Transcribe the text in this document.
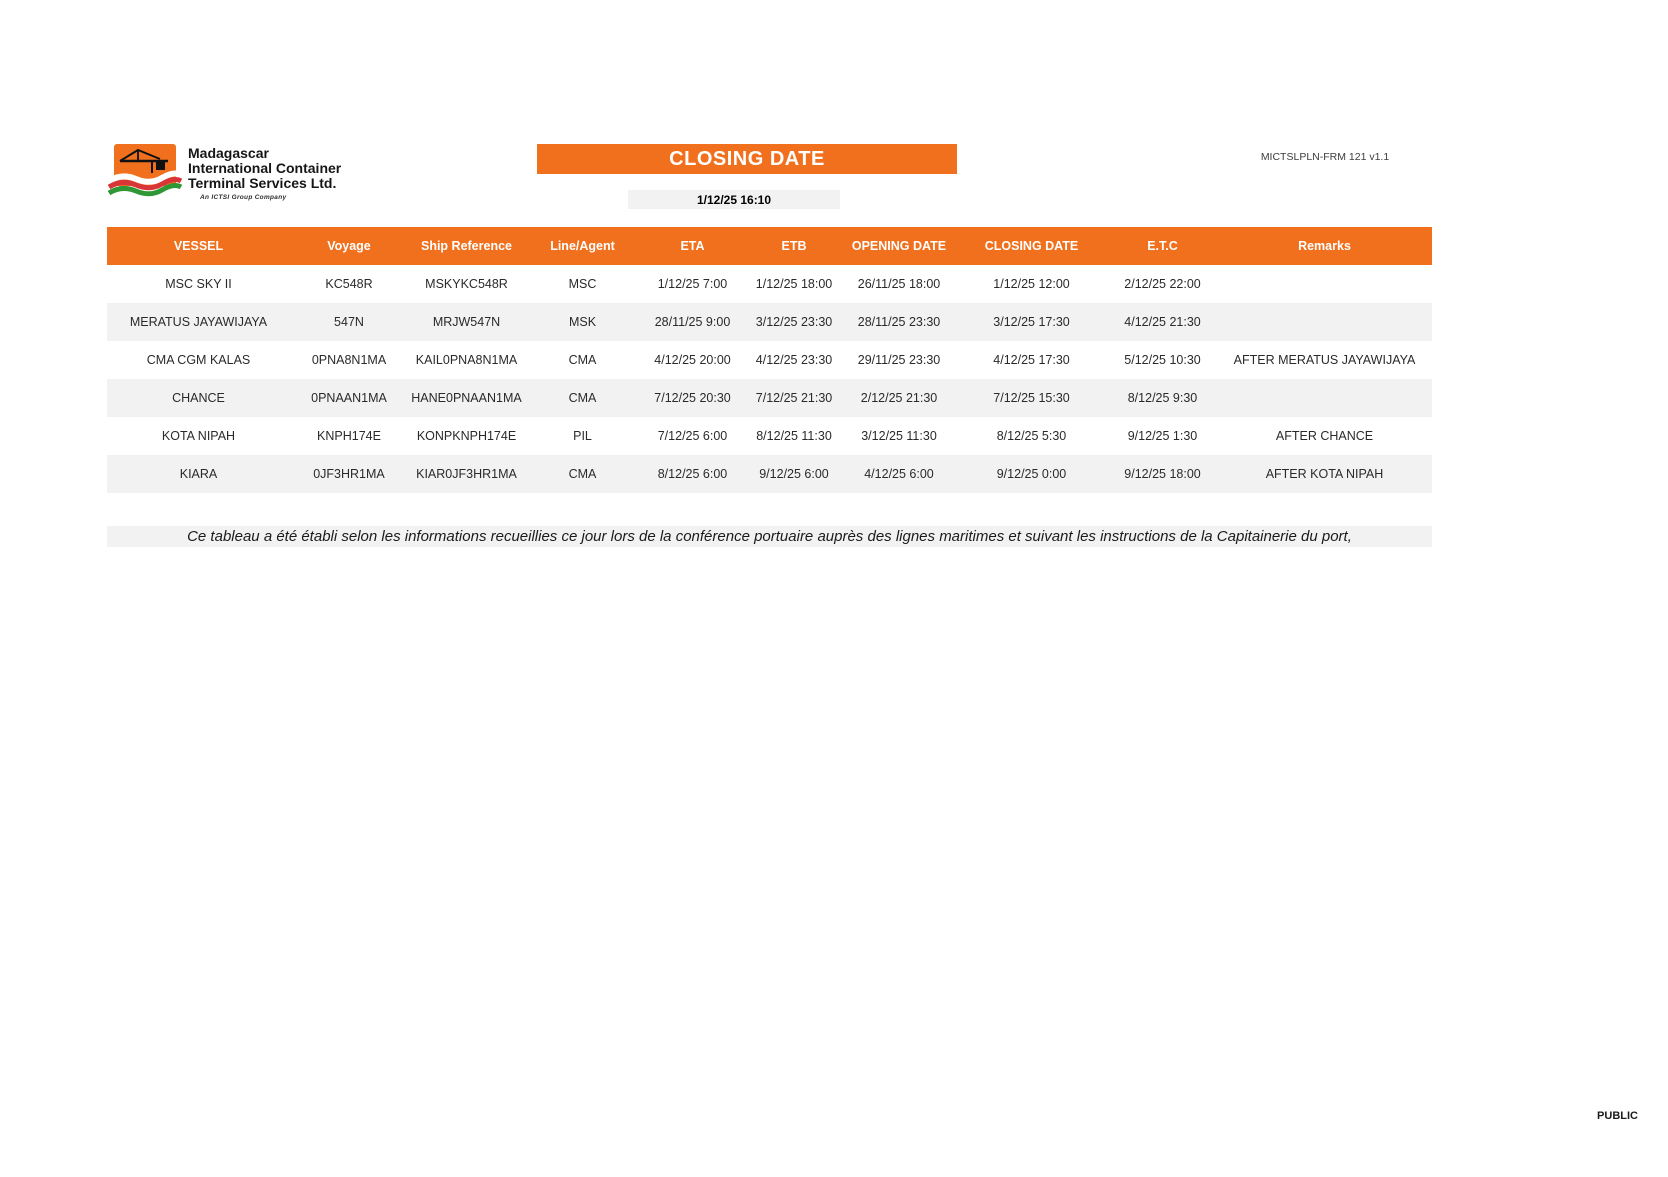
Madagascar
International Container
Terminal Services Ltd.
An ICTSI Group Company
CLOSING DATE
1/12/25 16:10
MICTSLPLN-FRM 121 v1.1
VESSEL	Voyage	Ship Reference	Line/Agent	ETA	ETB	OPENING DATE	CLOSING DATE	E.T.C	Remarks
MSC SKY II	KC548R	MSKYKC548R	MSC	1/12/25 7:00	1/12/25 18:00	26/11/25 18:00	1/12/25 12:00	2/12/25 22:00	
MERATUS JAYAWIJAYA	547N	MRJW547N	MSK	28/11/25 9:00	3/12/25 23:30	28/11/25 23:30	3/12/25 17:30	4/12/25 21:30	
CMA CGM KALAS	0PNA8N1MA	KAIL0PNA8N1MA	CMA	4/12/25 20:00	4/12/25 23:30	29/11/25 23:30	4/12/25 17:30	5/12/25 10:30	AFTER MERATUS JAYAWIJAYA
CHANCE	0PNAAN1MA	HANE0PNAAN1MA	CMA	7/12/25 20:30	7/12/25 21:30	2/12/25 21:30	7/12/25 15:30	8/12/25 9:30	
KOTA NIPAH	KNPH174E	KONPKNPH174E	PIL	7/12/25 6:00	8/12/25 11:30	3/12/25 11:30	8/12/25 5:30	9/12/25 1:30	AFTER CHANCE
KIARA	0JF3HR1MA	KIAR0JF3HR1MA	CMA	8/12/25 6:00	9/12/25 6:00	4/12/25 6:00	9/12/25 0:00	9/12/25 18:00	AFTER KOTA NIPAH
Ce tableau a été établi selon les informations recueillies ce jour lors de la conférence portuaire auprès des lignes maritimes et suivant les instructions de la Capitainerie du port,
PUBLIC
